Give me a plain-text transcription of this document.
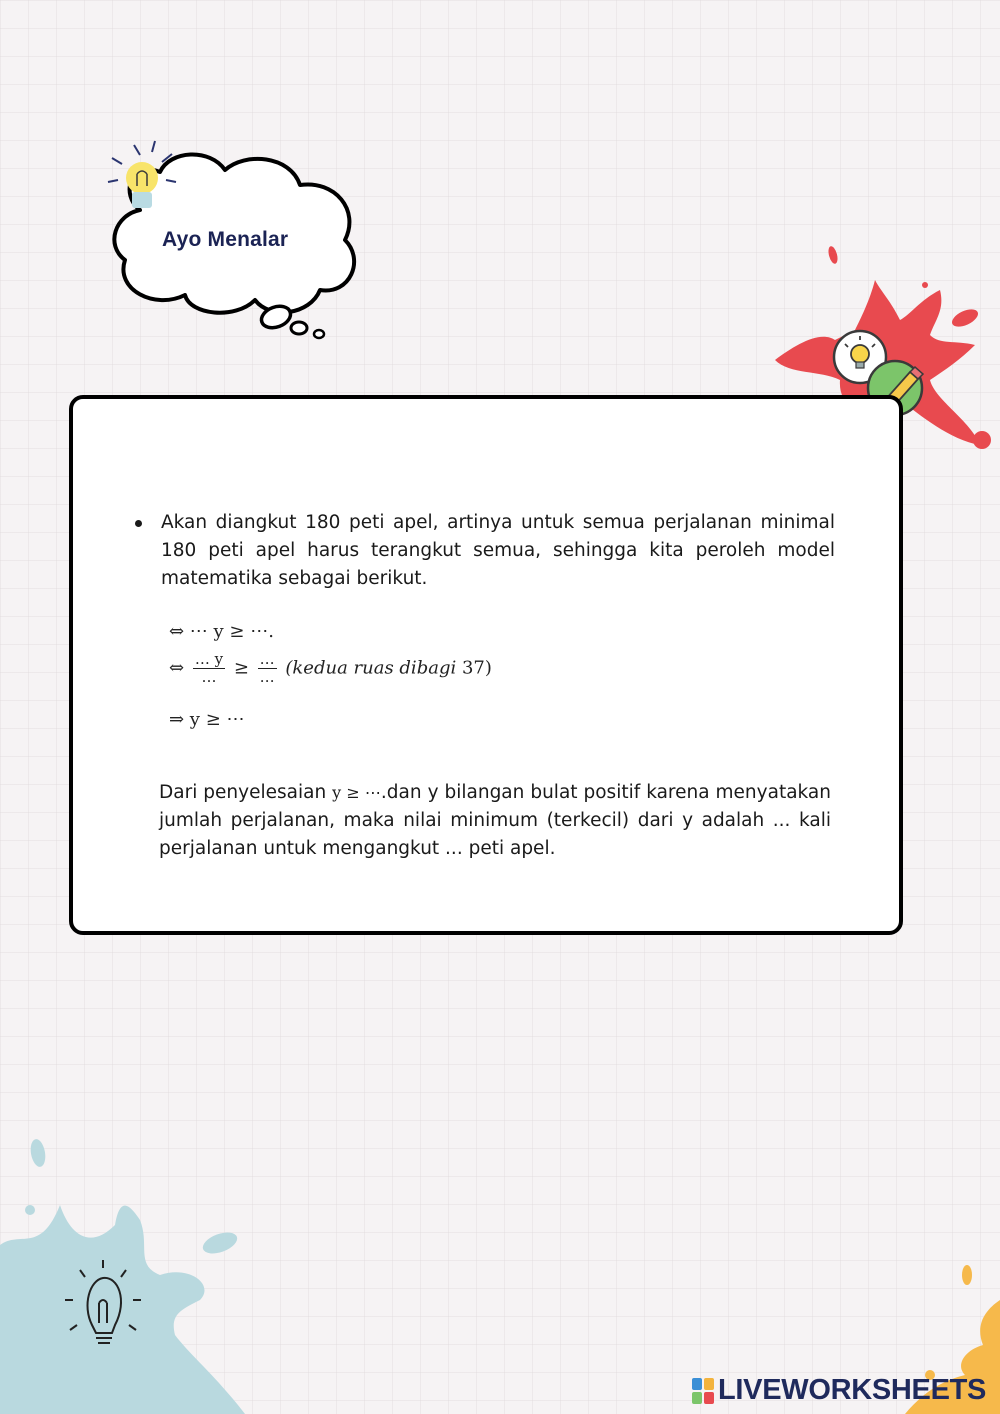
Ayo Menalar
Akan diangkut 180 peti apel, artinya untuk semua perjalanan minimal 180 peti apel harus terangkut semua, sehingga kita peroleh model matematika sebagai berikut.
⇔ ⋯ y ≥ ⋯.
⇔ $\frac{\dots y}{\dots} \ge \frac{\dots}{\dots}$ (kedua ruas dibagi 37)
⇒ y ≥ ⋯
Dari penyelesaian y ≥ ⋯.dan y bilangan bulat positif karena menyatakan jumlah perjalanan, maka nilai minimum (terkecil) dari y adalah ... kali perjalanan untuk mengangkut ... peti apel.
LIVEWORKSHEETS
